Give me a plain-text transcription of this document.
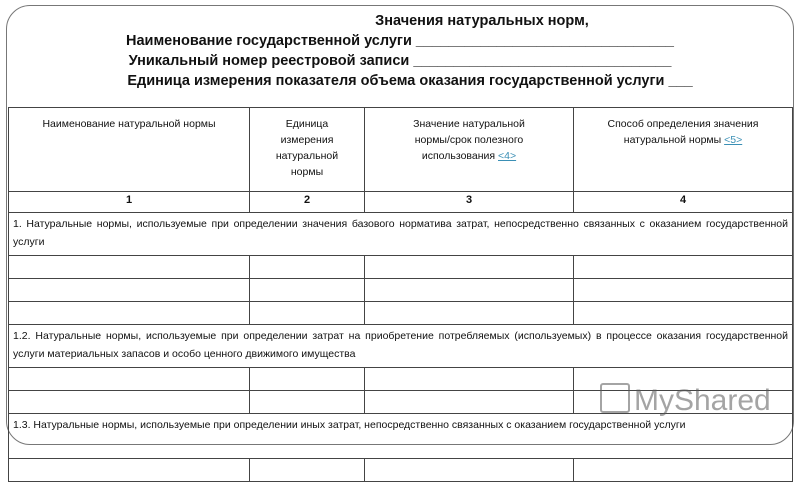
Значения натуральных норм,
Наименование государственной услуги ________________________________
Уникальный номер реестровой записи ________________________________
Единица измерения показателя объема оказания государственной услуги ___
Наименование натуральной нормы	Единица измерения натуральной нормы	Значение натуральной нормы/срок полезного использования <4>	Способ определения значения натуральной нормы <5>
1	2	3	4
1. Натуральные нормы, используемые при определении значения базового норматива затрат, непосредственно связанных с оказанием государственной услуги			

1.2. Натуральные нормы, используемые при определении затрат на приобретение потребляемых (используемых) в процессе оказания государственной услуги материальных запасов и особо ценного движимого имущества			

1.3. Натуральные нормы, используемые при определении иных затрат, непосредственно связанных с оказанием государственной услуги			

MyShared
